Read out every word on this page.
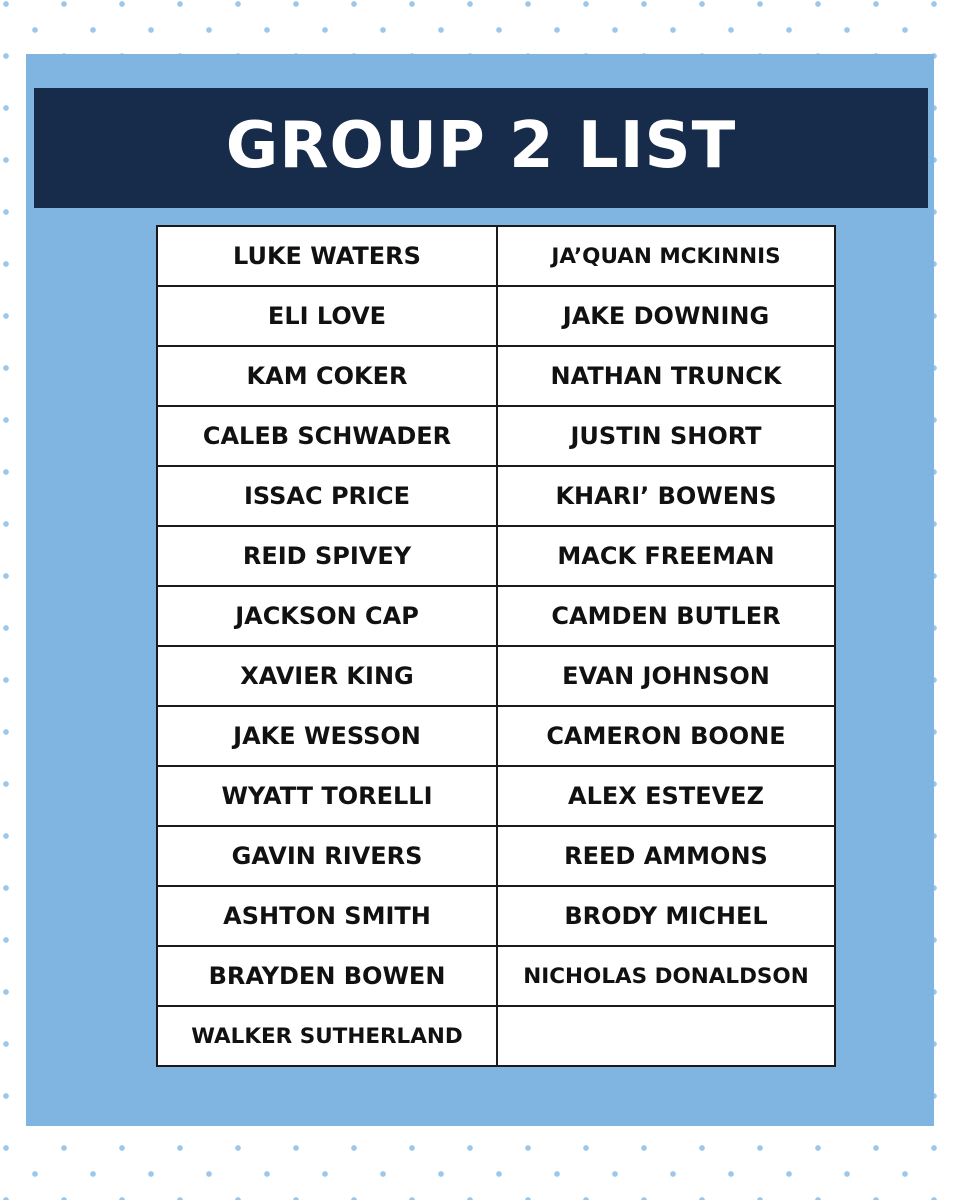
GROUP 2 LIST
LUKE WATERS	JA’QUAN MCKINNIS
ELI LOVE	JAKE DOWNING
KAM COKER	NATHAN TRUNCK
CALEB SCHWADER	JUSTIN SHORT
ISSAC PRICE	KHARI’ BOWENS
REID SPIVEY	MACK FREEMAN
JACKSON CAP	CAMDEN BUTLER
XAVIER KING	EVAN JOHNSON
JAKE WESSON	CAMERON BOONE
WYATT TORELLI	ALEX ESTEVEZ
GAVIN RIVERS	REED AMMONS
ASHTON SMITH	BRODY MICHEL
BRAYDEN BOWEN	NICHOLAS DONALDSON
WALKER SUTHERLAND	
